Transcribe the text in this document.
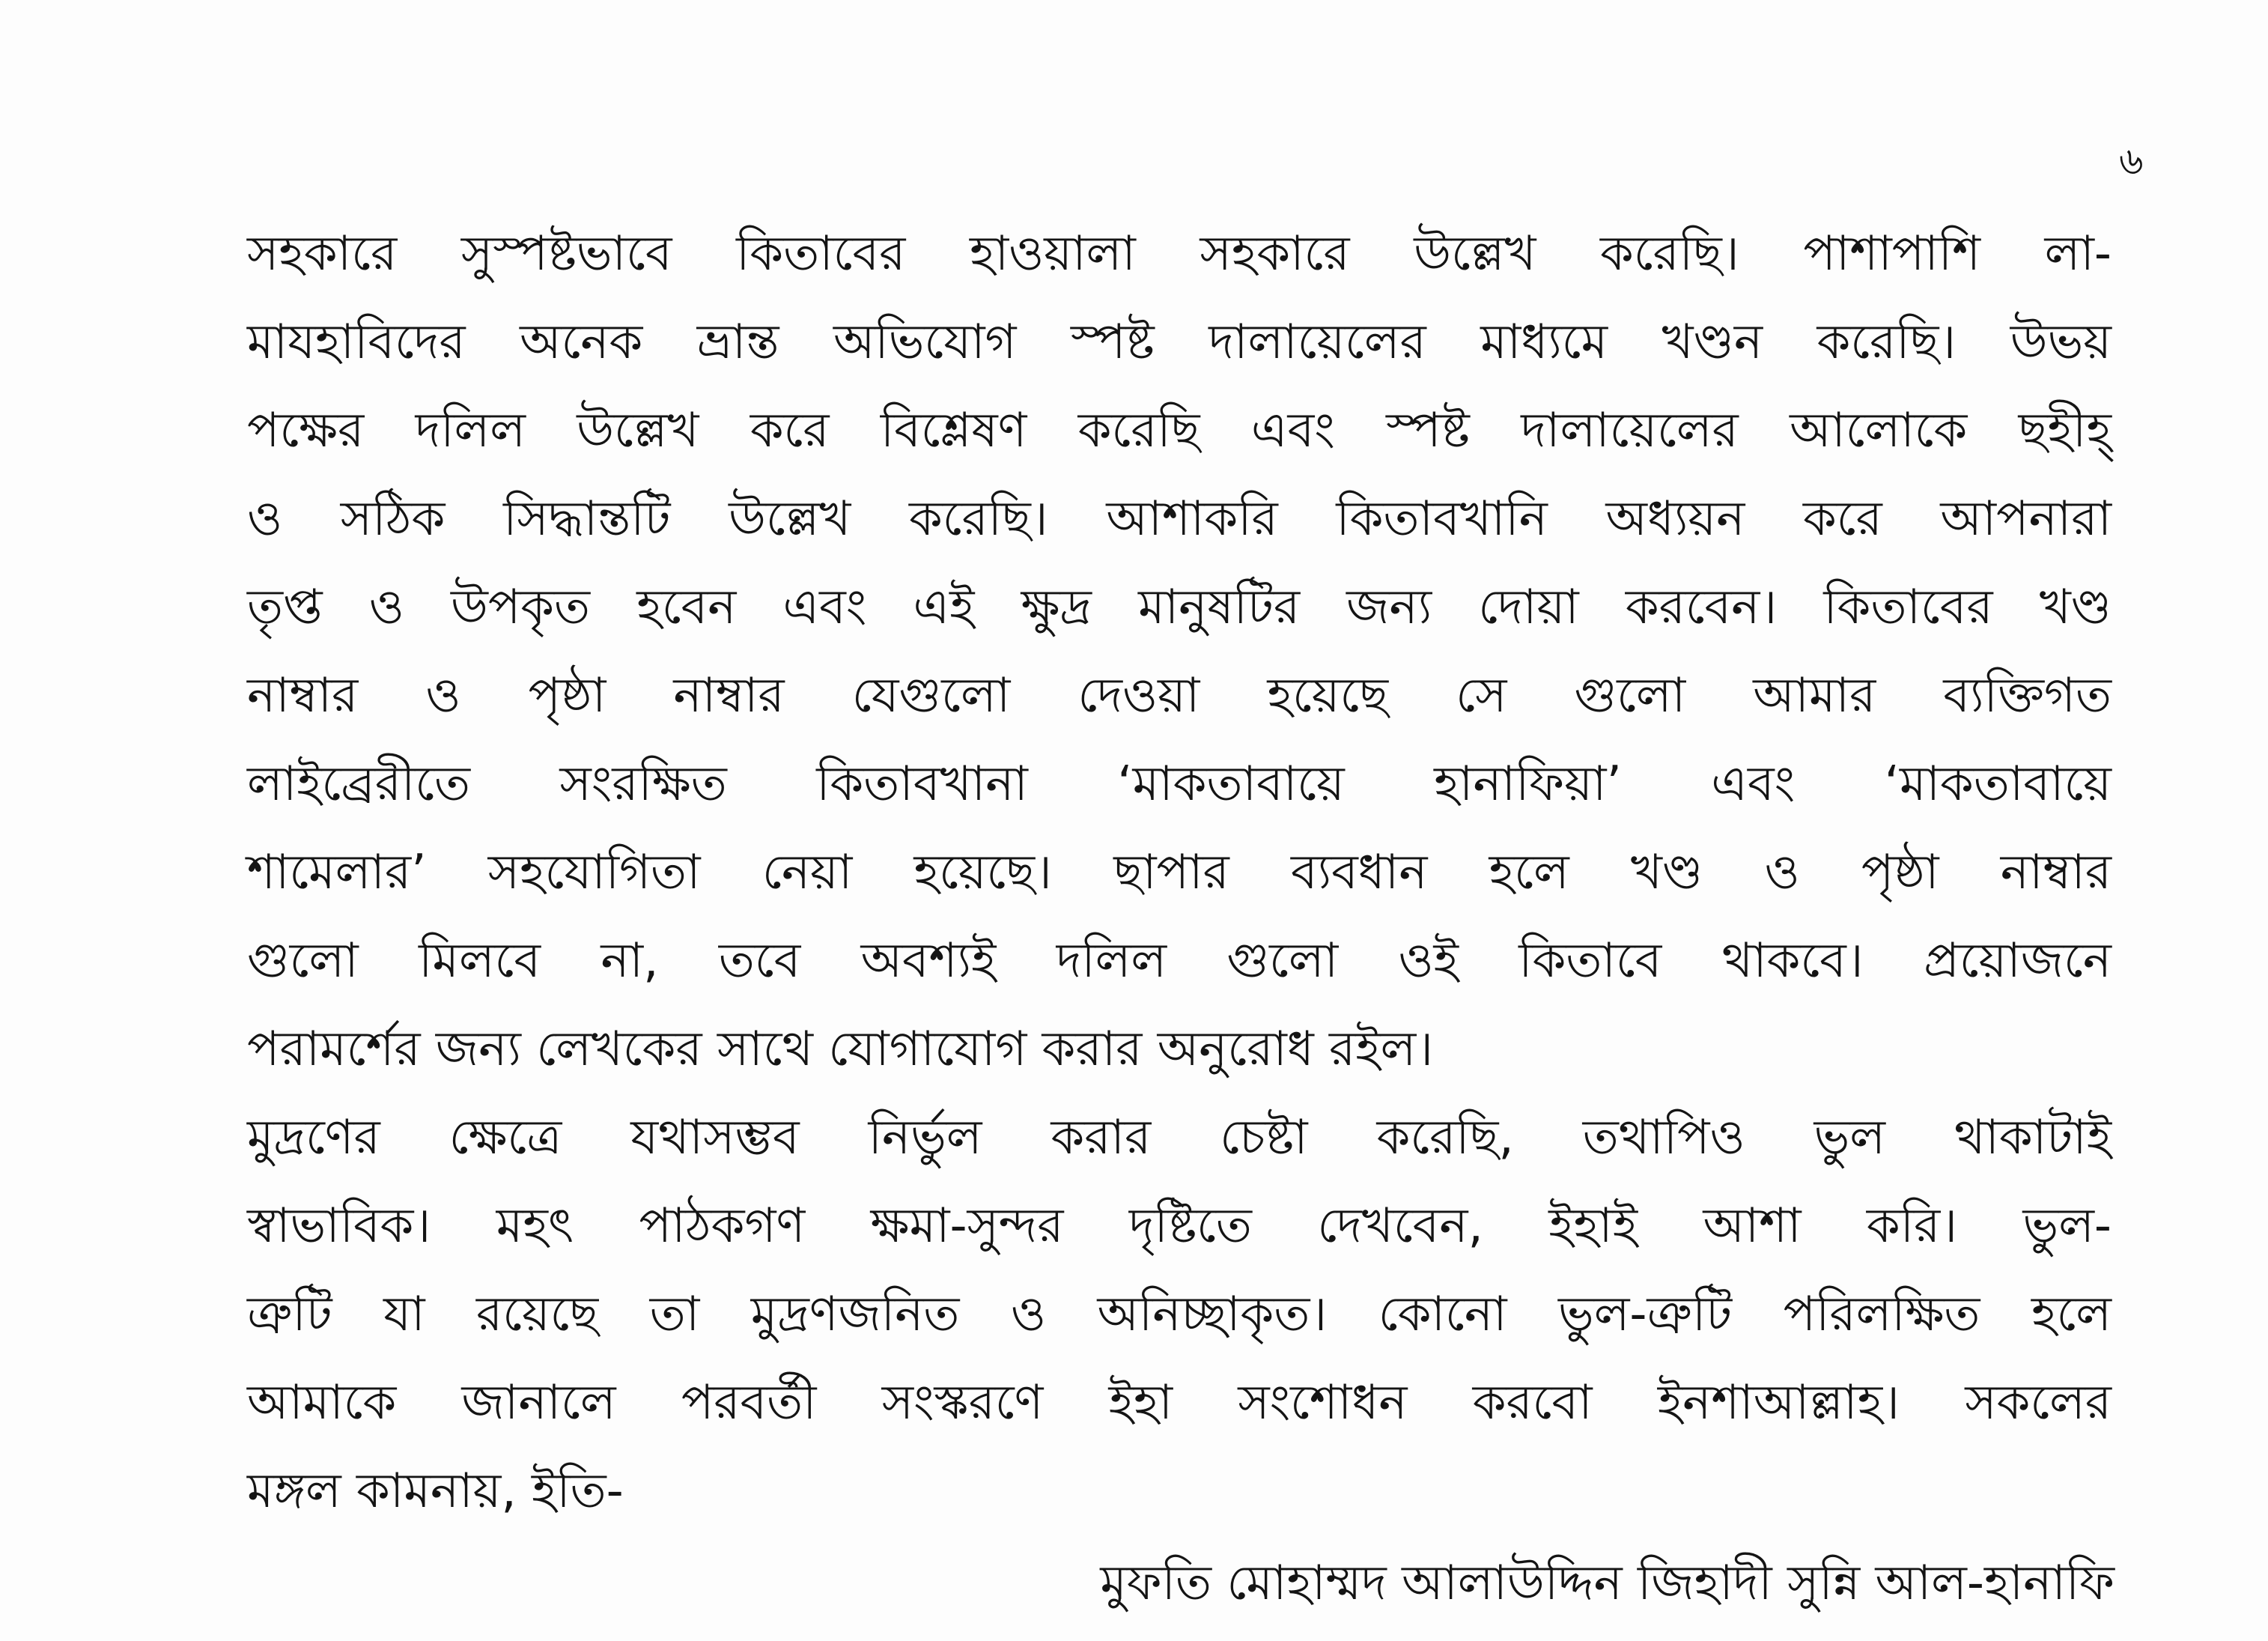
৬
সহকারে সুস্পষ্টভাবে কিতাবের হাওয়ালা সহকারে উল্লেখ করেছি। পাশাপাশি লা-
মাযহাবিদের অনেক ভ্রান্ত অভিযোগ স্পষ্ট দালায়েলের মাধ্যমে খণ্ডন করেছি। উভয়
পক্ষের দলিল উল্লেখ করে বিশ্লেষণ করেছি এবং স্পষ্ট দালায়েলের আলোকে ছহীহ্
ও সঠিক সিদ্ধান্তটি উল্লেখ করেছি। আশাকরি কিতাবখানি অধ্যয়ন করে আপনারা
তৃপ্ত ও উপকৃত হবেন এবং এই ক্ষুদ্র মানুষটির জন্য দোয়া করবেন। কিতাবের খণ্ড
নাম্বার ও পৃষ্ঠা নাম্বার যেগুলো দেওয়া হয়েছে সে গুলো আমার ব্যক্তিগত
লাইব্রেরীতে সংরক্ষিত কিতাবখানা ‘মাকতাবায়ে হানাফিয়া’ এবং ‘মাকতাবায়ে
শামেলার’ সহযোগিতা নেয়া হয়েছে। ছাপার ব্যবধান হলে খণ্ড ও পৃষ্ঠা নাম্বার
গুলো মিলবে না, তবে অবশ্যই দলিল গুলো ওই কিতাবে থাকবে। প্রয়োজনে
পরামর্শের জন্য লেখকের সাথে যোগাযোগ করার অনুরোধ রইল।
মুদ্রণের ক্ষেত্রে যথাসম্ভব নির্ভুল করার চেষ্টা করেছি, তথাপিও ভুল থাকাটাই
স্বাভাবিক। মহৎ পাঠকগণ ক্ষমা-সুন্দর দৃষ্টিতে দেখবেন, ইহাই আশা করি। ভুল-
ত্রুটি যা রয়েছে তা মুদ্রণজনিত ও অনিচ্ছাকৃত। কোনো ভুল-ত্রুটি পরিলক্ষিত হলে
আমাকে জানালে পরবর্তী সংস্করণে ইহা সংশোধন করবো ইনশাআল্লাহ। সকলের
মঙ্গল কামনায়, ইতি-
মুফতি মোহাম্মদ আলাউদ্দিন জিহাদী সুন্নি আল-হানাফি
